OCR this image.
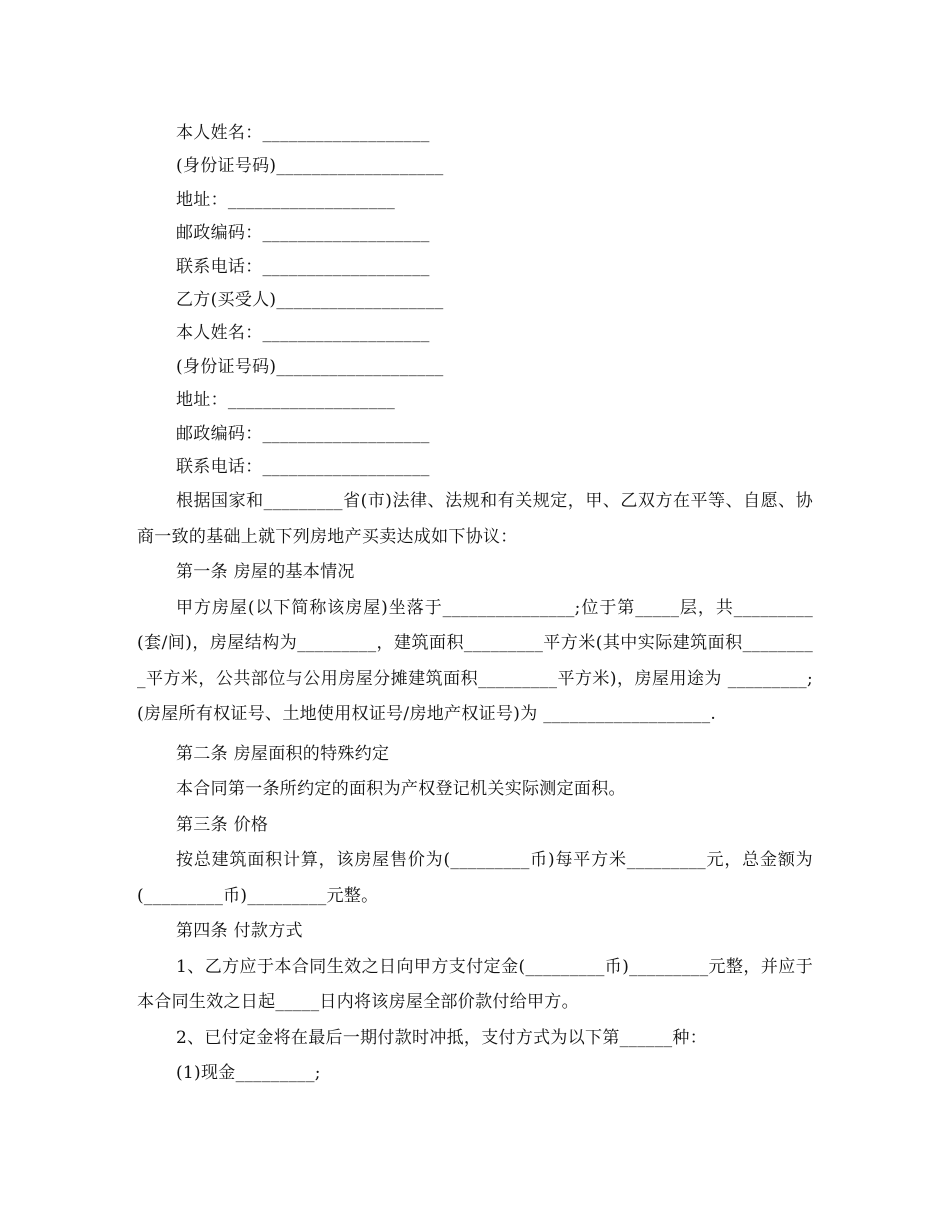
本人姓名：___________________
(身份证号码)___________________
地址：___________________
邮政编码：___________________
联系电话：___________________
乙方(买受人)___________________
本人姓名：___________________
(身份证号码)___________________
地址：___________________
邮政编码：___________________
联系电话：___________________
根据国家和_________省(市)法律、法规和有关规定，甲、乙双方在平等、自愿、协商一致的基础上就下列房地产买卖达成如下协议：
第一条 房屋的基本情况
甲方房屋(以下简称该房屋)坐落于_______________;位于第_____层，共_________(套/间)，房屋结构为_________，建筑面积_________平方米(其中实际建筑面积_________平方米，公共部位与公用房屋分摊建筑面积_________平方米)，房屋用途为 _________; (房屋所有权证号、土地使用权证号/房地产权证号)为 ___________________.
第二条 房屋面积的特殊约定
本合同第一条所约定的面积为产权登记机关实际测定面积。
第三条 价格
按总建筑面积计算，该房屋售价为(_________币)每平方米_________元，总金额为(_________币)_________元整。
第四条 付款方式
1、乙方应于本合同生效之日向甲方支付定金(_________币)_________元整，并应于本合同生效之日起_____日内将该房屋全部价款付给甲方。
2、已付定金将在最后一期付款时冲抵，支付方式为以下第______种：
(1)现金_________;
